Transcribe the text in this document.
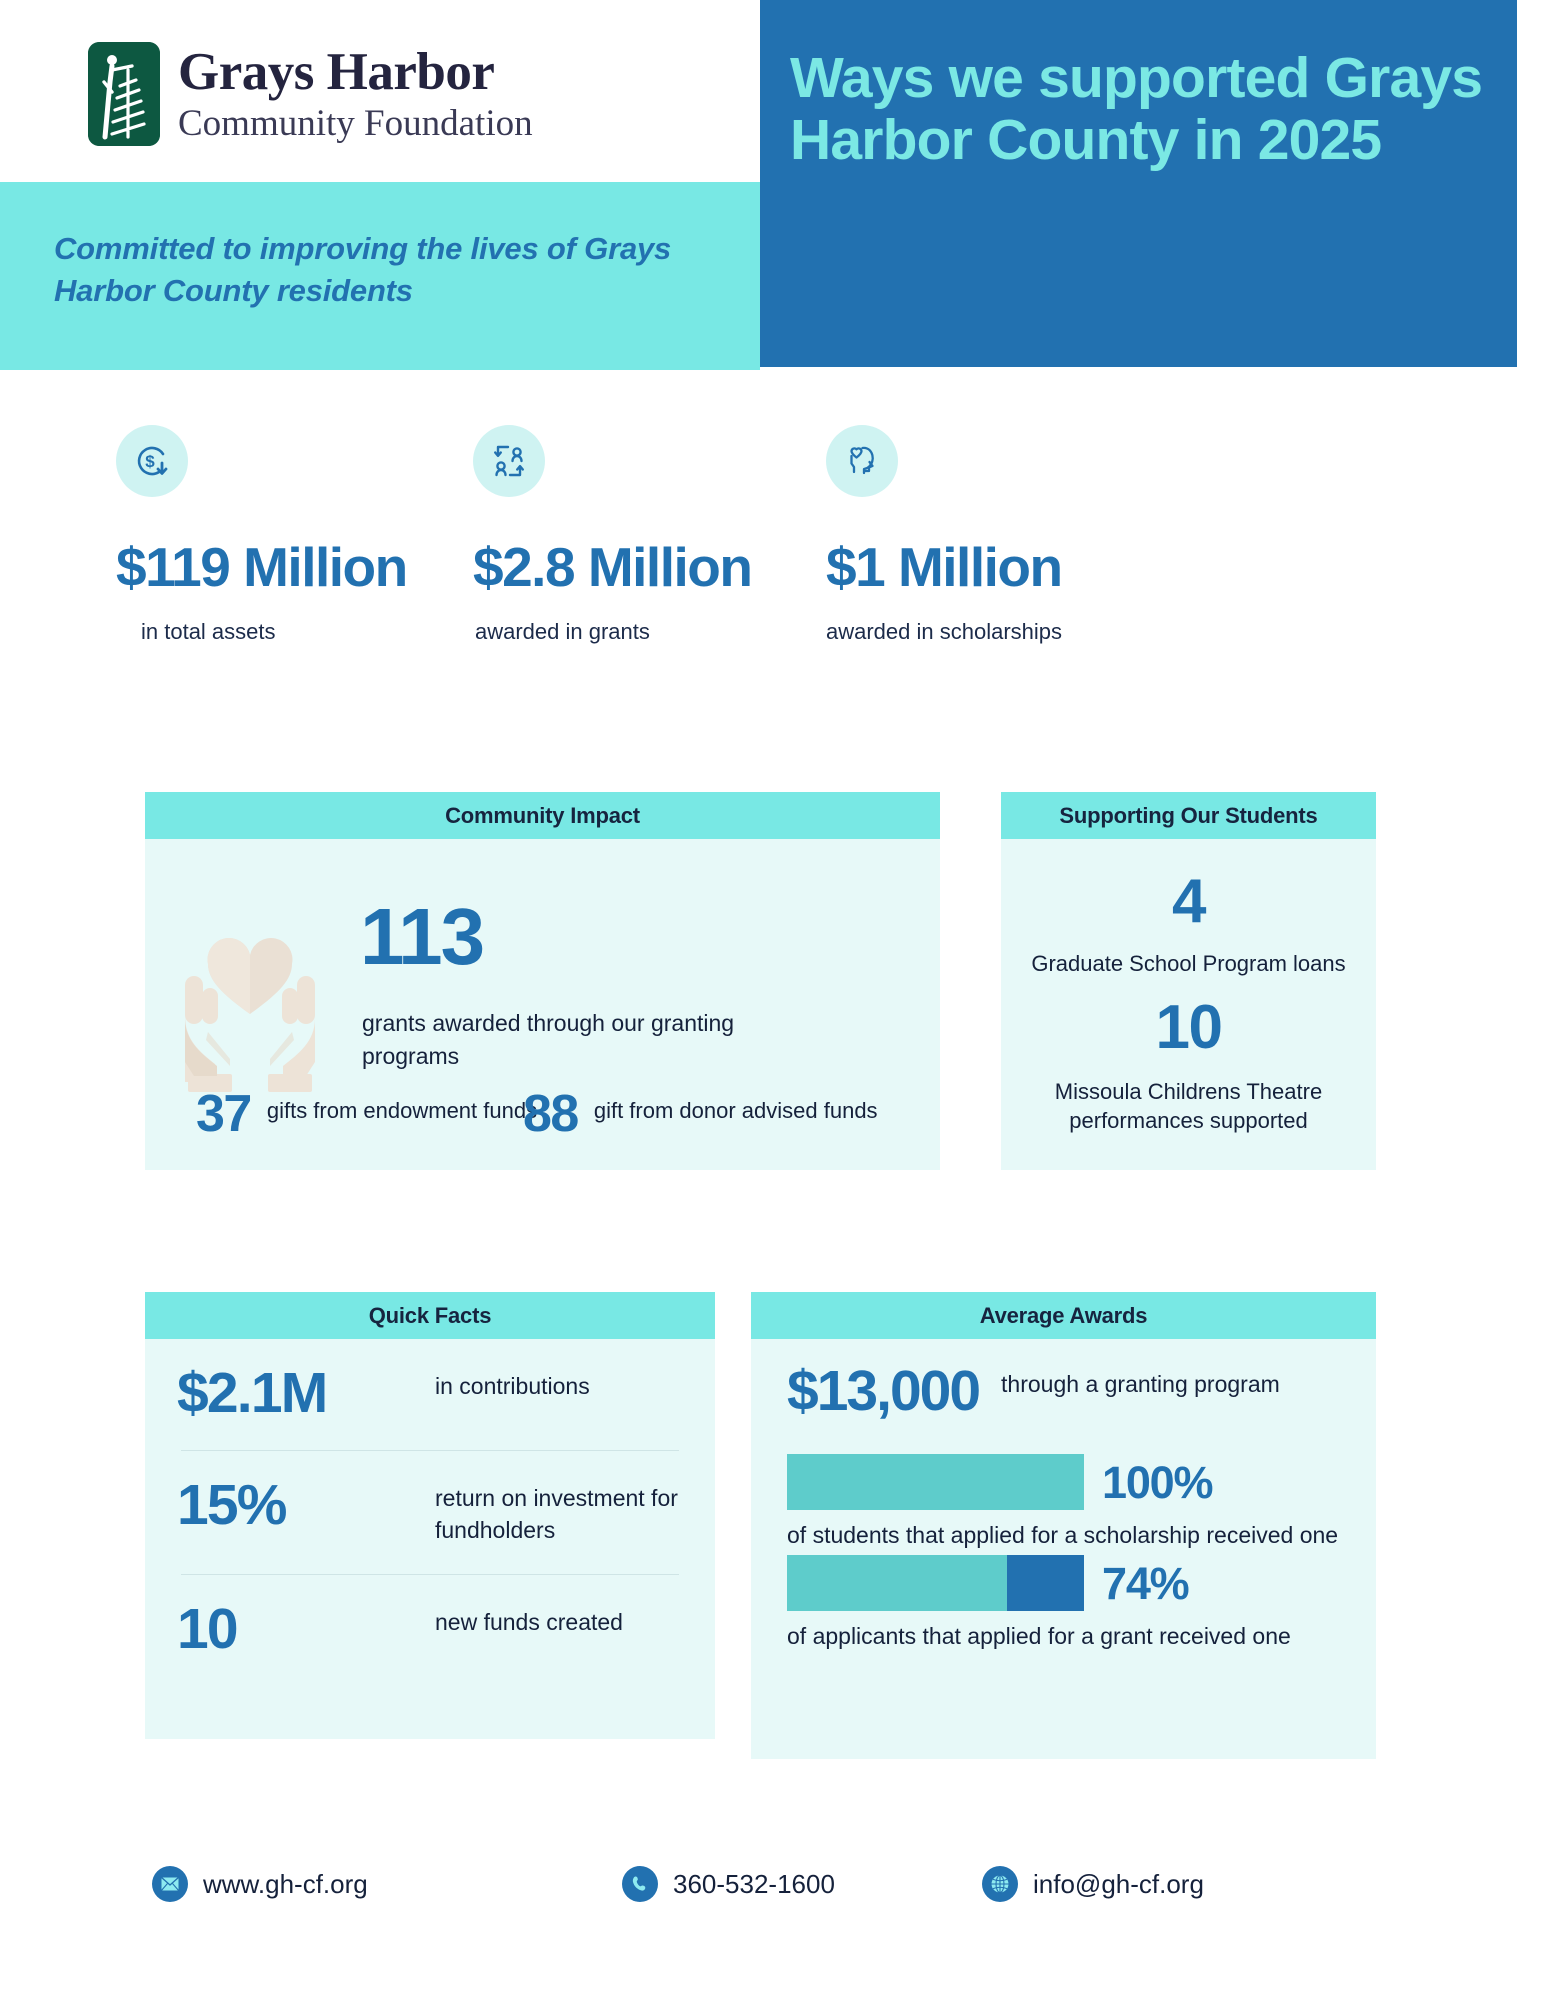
Grays Harbor
Community Foundation
Committed to improving the lives of Grays Harbor County residents
Ways we supported Grays Harbor County in 2025
$
$119 Million
in total assets
$2.8 Million
awarded in grants
$1 Million
awarded in scholarships
Community Impact
113
grants awarded through our granting programs
37 gifts from endowment funds
88 gift from donor advised funds
Supporting Our Students
4
Graduate School Program loans
10
Missoula Childrens Theatre performances supported
Quick Facts
$2.1M	in contributions
15%	return on investment for fundholders
10	new funds created
Average Awards
$13,000 through a granting program
100%
of students that applied for a scholarship received one
74%
of applicants that applied for a grant received one
www.gh-cf.org	360-532-1600	info@gh-cf.org
